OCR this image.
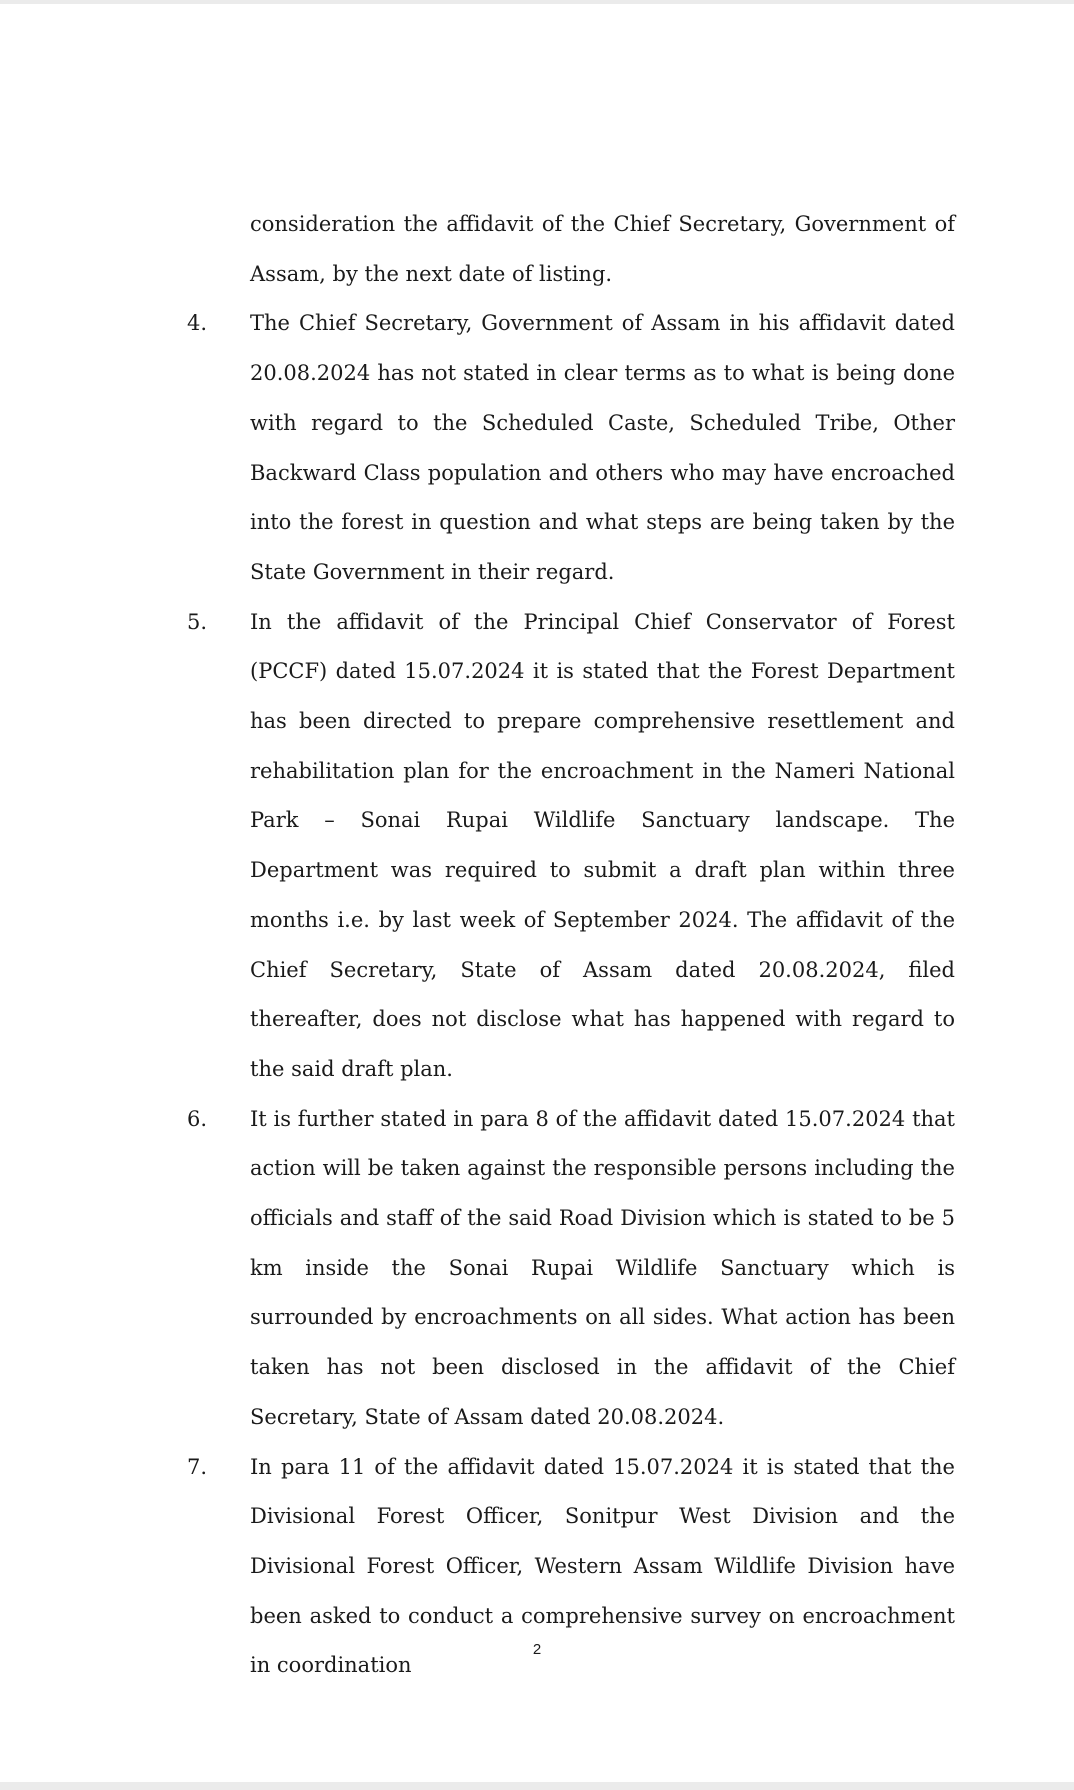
consideration the affidavit of the Chief Secretary, Government of Assam, by the next date of listing.
4. The Chief Secretary, Government of Assam in his affidavit dated 20.08.2024 has not stated in clear terms as to what is being done with regard to the Scheduled Caste, Scheduled Tribe, Other Backward Class population and others who may have encroached into the forest in question and what steps are being taken by the State Government in their regard.
5. In the affidavit of the Principal Chief Conservator of Forest (PCCF) dated 15.07.2024 it is stated that the Forest Department has been directed to prepare comprehensive resettlement and rehabilitation plan for the encroachment in the Nameri National Park – Sonai Rupai Wildlife Sanctuary landscape. The Department was required to submit a draft plan within three months i.e. by last week of September 2024. The affidavit of the Chief Secretary, State of Assam dated 20.08.2024, filed thereafter, does not disclose what has happened with regard to the said draft plan.
6. It is further stated in para 8 of the affidavit dated 15.07.2024 that action will be taken against the responsible persons including the officials and staff of the said Road Division which is stated to be 5 km inside the Sonai Rupai Wildlife Sanctuary which is surrounded by encroachments on all sides. What action has been taken has not been disclosed in the affidavit of the Chief Secretary, State of Assam dated 20.08.2024.
7. In para 11 of the affidavit dated 15.07.2024 it is stated that the Divisional Forest Officer, Sonitpur West Division and the Divisional Forest Officer, Western Assam Wildlife Division have been asked to conduct a comprehensive survey on encroachment in coordination
2
